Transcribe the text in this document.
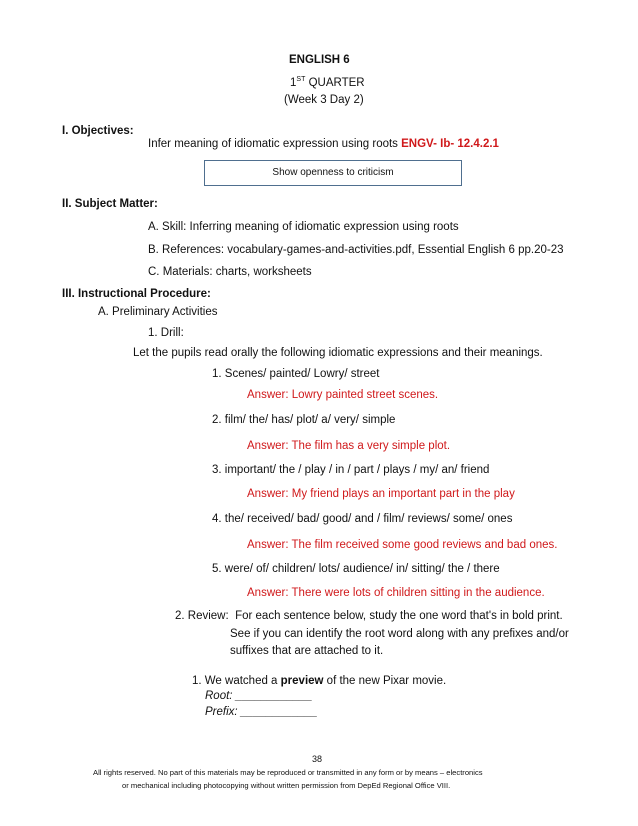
ENGLISH 6
1ST QUARTER
(Week 3 Day 2)
I. Objectives:
Infer meaning of idiomatic expression using roots ENGV- Ib- 12.4.2.1
Show openness to criticism
II. Subject Matter:
A. Skill: Inferring meaning of idiomatic expression using roots
B. References: vocabulary-games-and-activities.pdf, Essential English 6 pp.20-23
C. Materials: charts, worksheets
III. Instructional Procedure:
A. Preliminary Activities
1. Drill:
Let the pupils read orally the following idiomatic expressions and their meanings.
1. Scenes/ painted/ Lowry/ street
Answer: Lowry painted street scenes.
2. film/ the/ has/ plot/ a/ very/ simple
Answer: The film has a very simple plot.
3. important/ the / play / in / part / plays / my/ an/ friend
Answer: My friend plays an important part in the play
4. the/ received/ bad/ good/ and / film/ reviews/ some/ ones
Answer: The film received some good reviews and bad ones.
5. were/ of/ children/ lots/ audience/ in/ sitting/ the / there
Answer: There were lots of children sitting in the audience.
2. Review: For each sentence below, study the one word that's in bold print.
See if you can identify the root word along with any prefixes and/or
suffixes that are attached to it.
1. We watched a preview of the new Pixar movie.
Root: ____________
Prefix: ____________
38
All rights reserved. No part of this materials may be reproduced or transmitted in any form or by means – electronics
or mechanical including photocopying without written permission from DepEd Regional Office VIII.
